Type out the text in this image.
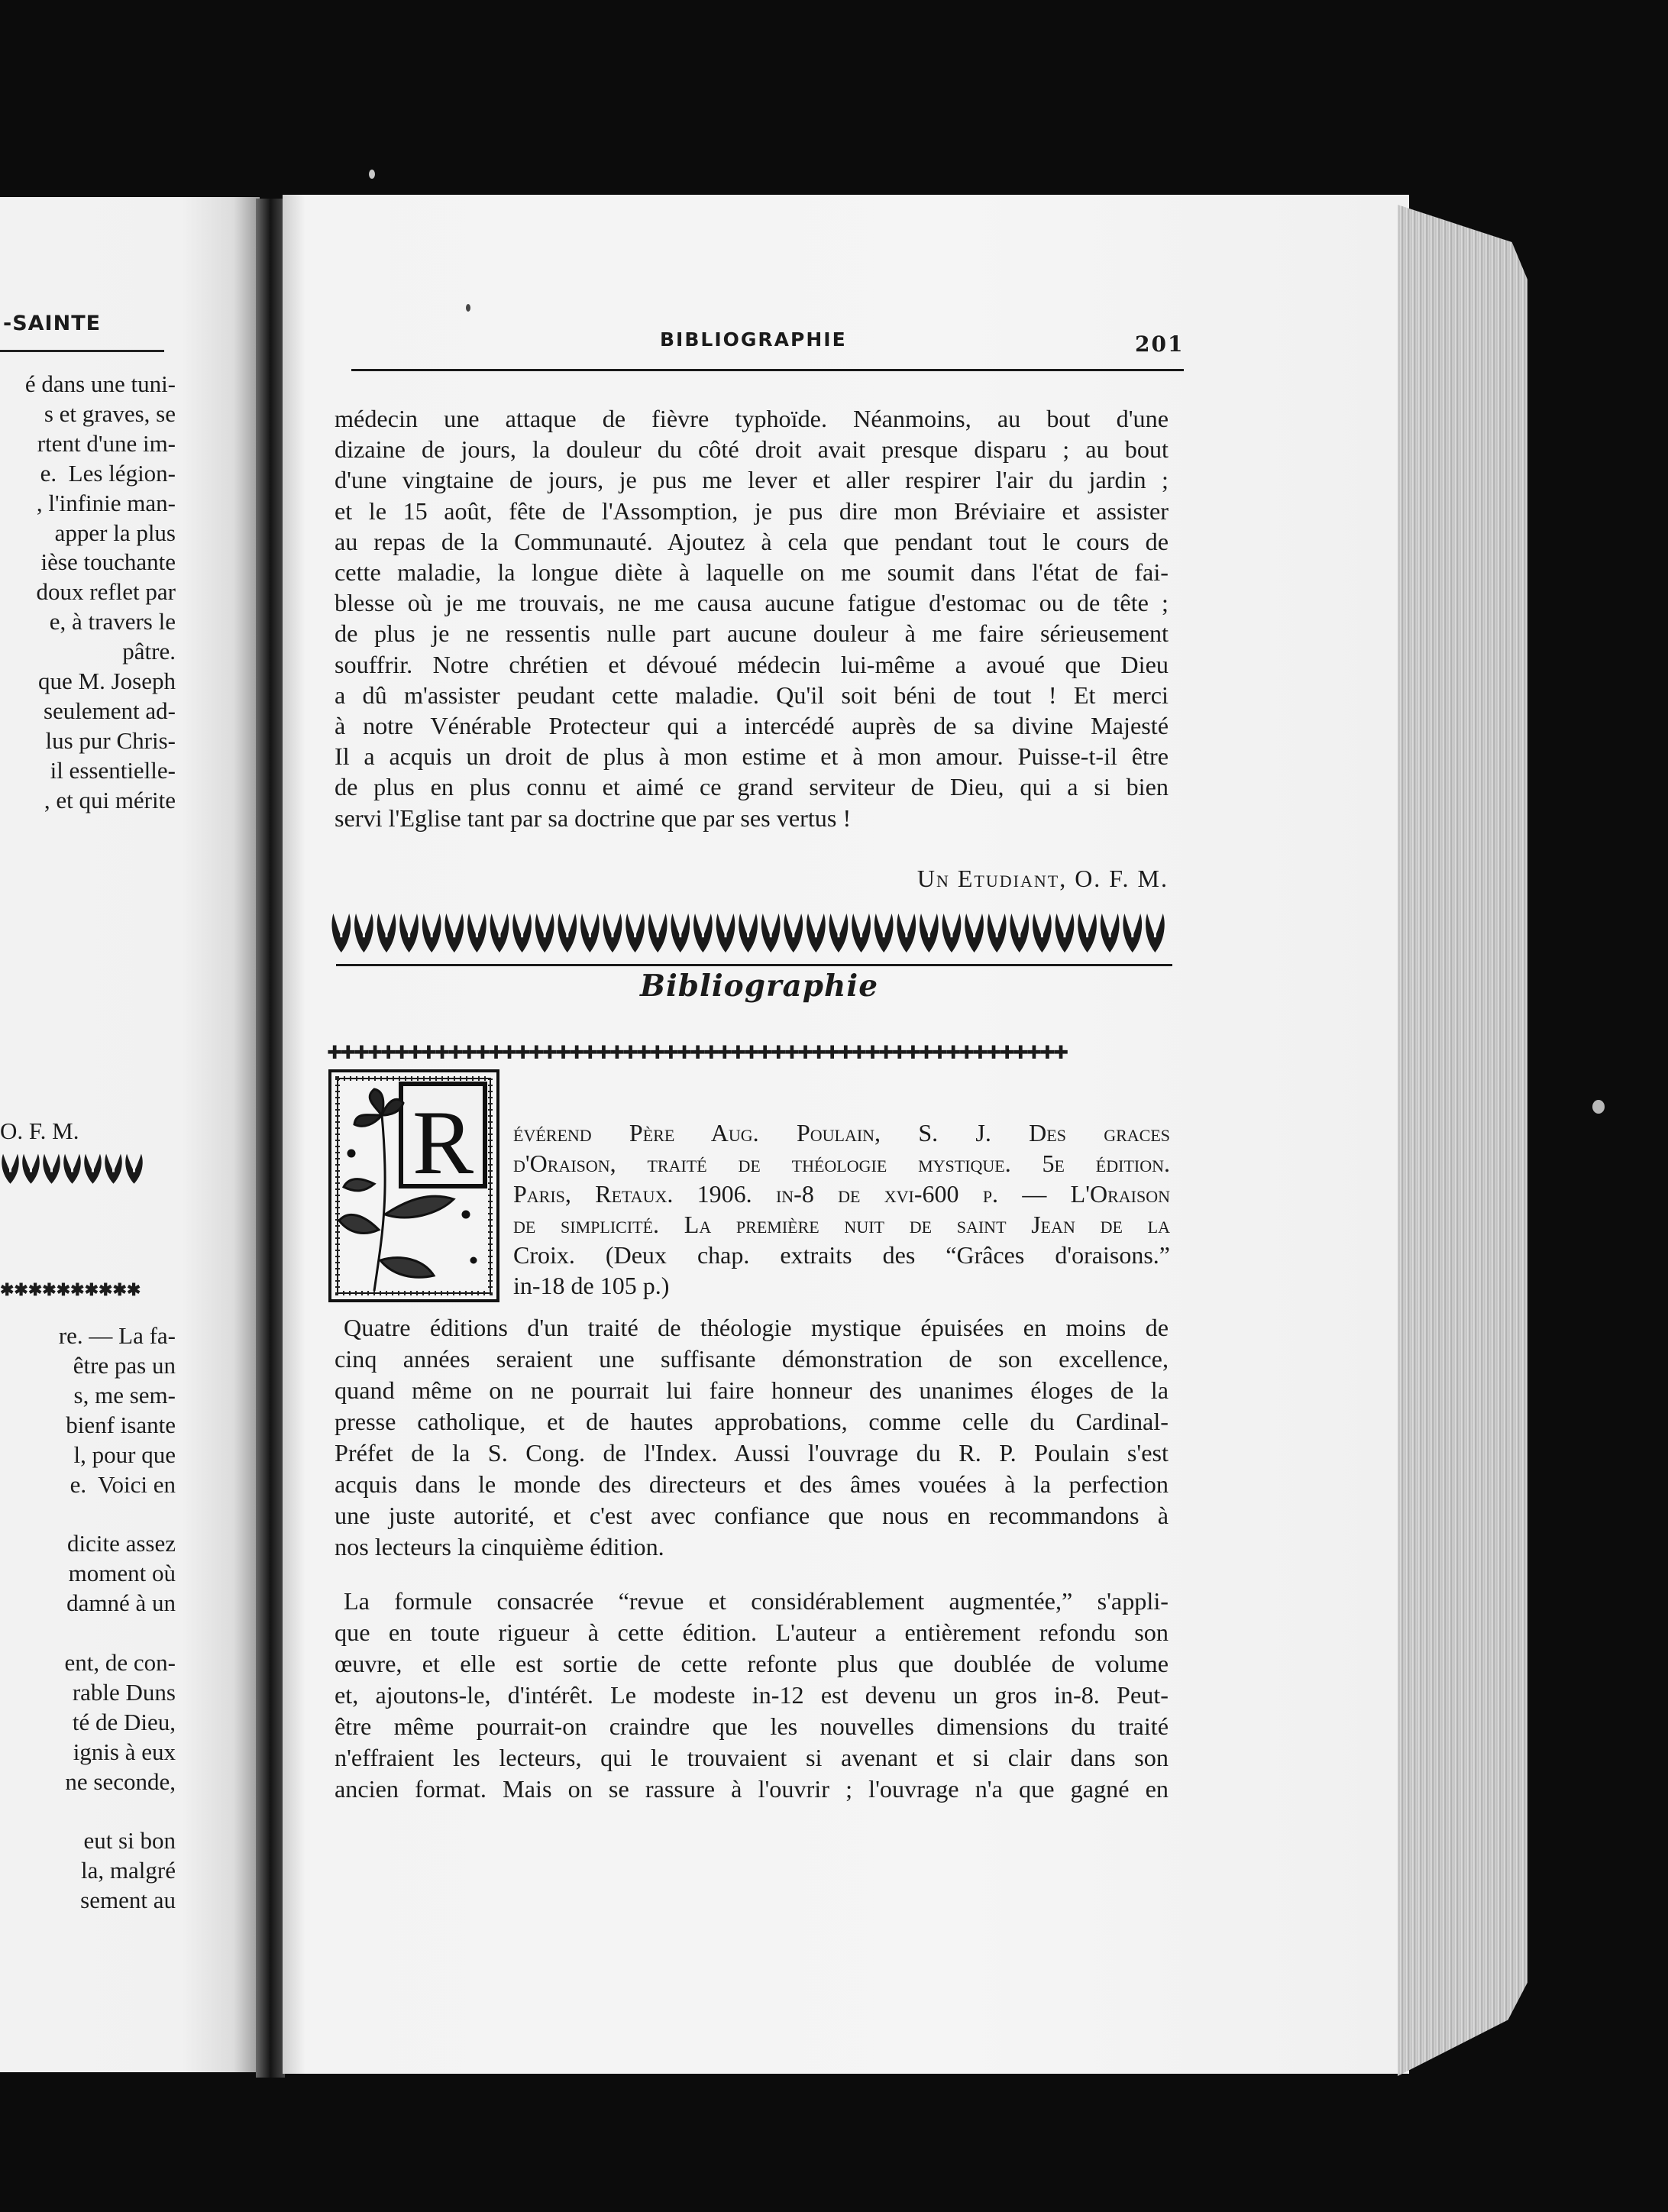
-SAINTE
é dans une tuni-
s et graves, se
rtent d'une im-
e.  Les légion-
, l'infinie man-
apper la plus
ièse touchante
doux reflet par
e, à travers le
pâtre.
que M. Joseph
seulement ad-
lus pur Chris-
il essentielle-
, et qui mérite
O. F. M.
✱✱✱✱✱✱✱✱✱✱
re. — La fa-
être pas un
s, me sem-
bienf isante
l, pour que
e.  Voici en

dicite assez
moment où
damné à un

ent, de con-
rable Duns
té de Dieu,
ignis à eux
ne seconde,

eut si bon
la, malgré
sement au
BIBLIOGRAPHIE	201
médecin une attaque de fièvre typhoïde. Néanmoins, au bout d'une
dizaine de jours, la douleur du côté droit avait presque disparu ; au bout
d'une vingtaine de jours, je pus me lever et aller respirer l'air du jardin ;
et le 15 août, fête de l'Assomption, je pus dire mon Bréviaire et assister
au repas de la Communauté. Ajoutez à cela que pendant tout le cours de
cette maladie, la longue diète à laquelle on me soumit dans l'état de fai-
blesse où je me trouvais, ne me causa aucune fatigue d'estomac ou de tête ;
de plus je ne ressentis nulle part aucune douleur à me faire sérieusement
souffrir. Notre chrétien et dévoué médecin lui-même a avoué que Dieu
a dû m'assister peudant cette maladie. Qu'il soit béni de tout ! Et merci
à notre Vénérable Protecteur qui a intercédé auprès de sa divine Majesté
Il a acquis un droit de plus à mon estime et à mon amour. Puisse-t-il être
de plus en plus connu et aimé ce grand serviteur de Dieu, qui a si bien
servi l'Eglise tant par sa doctrine que par ses vertus !
Un Etudiant, O. F. M.
Bibliographie
✚✚✚✚✚✚✚✚✚✚✚✚✚✚✚✚✚✚✚✚✚✚✚✚✚✚✚✚✚✚✚✚✚✚✚✚✚✚✚✚✚✚✚✚✚✚✚✚✚✚✚✚✚✚✚
R évérend Père Aug. Poulain, S. J. Des graces
d'Oraison, traité de théologie mystique. 5e édition.
Paris, Retaux. 1906. in-8 de xvi-600 p. — L'Oraison
de simplicité. La première nuit de saint Jean de la
Croix. (Deux chap. extraits des “Grâces d'oraisons.”
in-18 de 105 p.)
Quatre éditions d'un traité de théologie mystique épuisées en moins de
cinq années seraient une suffisante démonstration de son excellence,
quand même on ne pourrait lui faire honneur des unanimes éloges de la
presse catholique, et de hautes approbations, comme celle du Cardinal-
Préfet de la S. Cong. de l'Index. Aussi l'ouvrage du R. P. Poulain s'est
acquis dans le monde des directeurs et des âmes vouées à la perfection
une juste autorité, et c'est avec confiance que nous en recommandons à
nos lecteurs la cinquième édition.
La formule consacrée “revue et considérablement augmentée,” s'appli-
que en toute rigueur à cette édition. L'auteur a entièrement refondu son
œuvre, et elle est sortie de cette refonte plus que doublée de volume
et, ajoutons-le, d'intérêt. Le modeste in-12 est devenu un gros in-8. Peut-
être même pourrait-on craindre que les nouvelles dimensions du traité
n'effraient les lecteurs, qui le trouvaient si avenant et si clair dans son
ancien format. Mais on se rassure à l'ouvrir ; l'ouvrage n'a que gagné en
